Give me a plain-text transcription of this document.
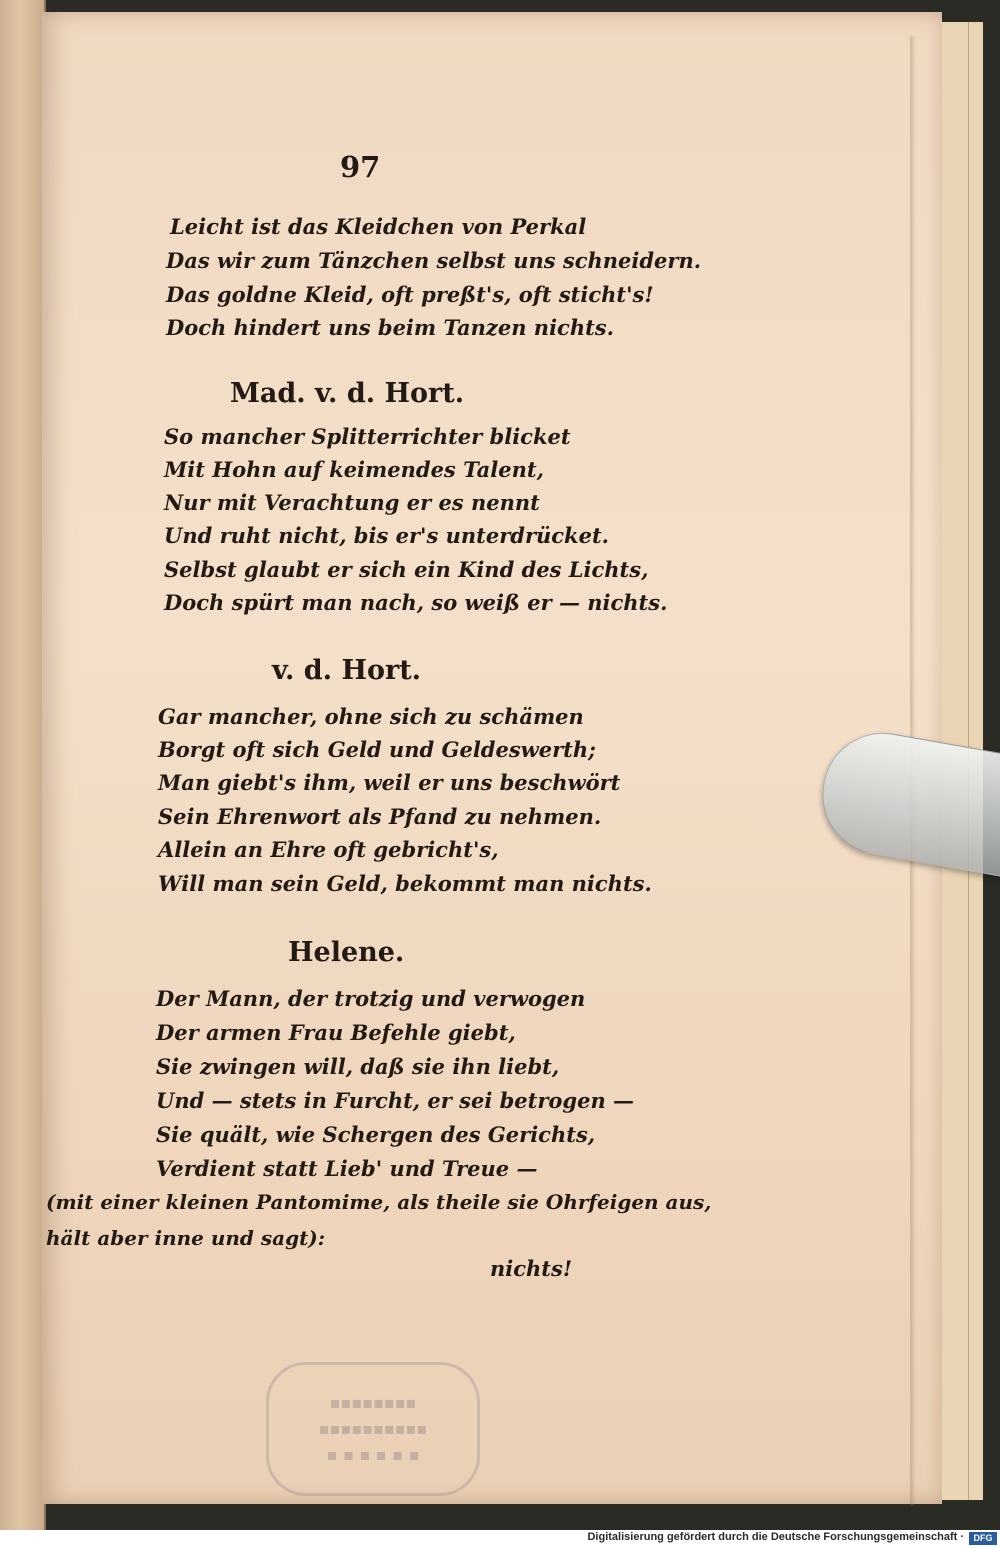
97
Leicht ist das Kleidchen von Perkal
Das wir zum Tänzchen selbst uns schneidern.
Das goldne Kleid, oft preßt's, oft sticht's!
Doch hindert uns beim Tanzen nichts.
Mad. v. d. Hort.
So mancher Splitterrichter blicket
Mit Hohn auf keimendes Talent,
Nur mit Verachtung er es nennt
Und ruht nicht, bis er's unterdrücket.
Selbst glaubt er sich ein Kind des Lichts,
Doch spürt man nach, so weiß er — nichts.
v. d. Hort.
Gar mancher, ohne sich zu schämen
Borgt oft sich Geld und Geldeswerth;
Man giebt's ihm, weil er uns beschwört
Sein Ehrenwort als Pfand zu nehmen.
Allein an Ehre oft gebricht's,
Will man sein Geld, bekommt man nichts.
Helene.
Der Mann, der trotzig und verwogen
Der armen Frau Befehle giebt,
Sie zwingen will, daß sie ihn liebt,
Und — stets in Furcht, er sei betrogen —
Sie quält, wie Schergen des Gerichts,
Verdient statt Lieb' und Treue —
(mit einer kleinen Pantomime, als theile sie Ohrfeigen aus,
hält aber inne und sagt):
nichts!
▪▪▪▪▪▪▪▪
▪▪▪▪▪▪▪▪▪▪
▪ ▪ ▪ ▪ ▪ ▪
Digitalisierung gefördert durch die Deutsche Forschungsgemeinschaft ·	DFG
